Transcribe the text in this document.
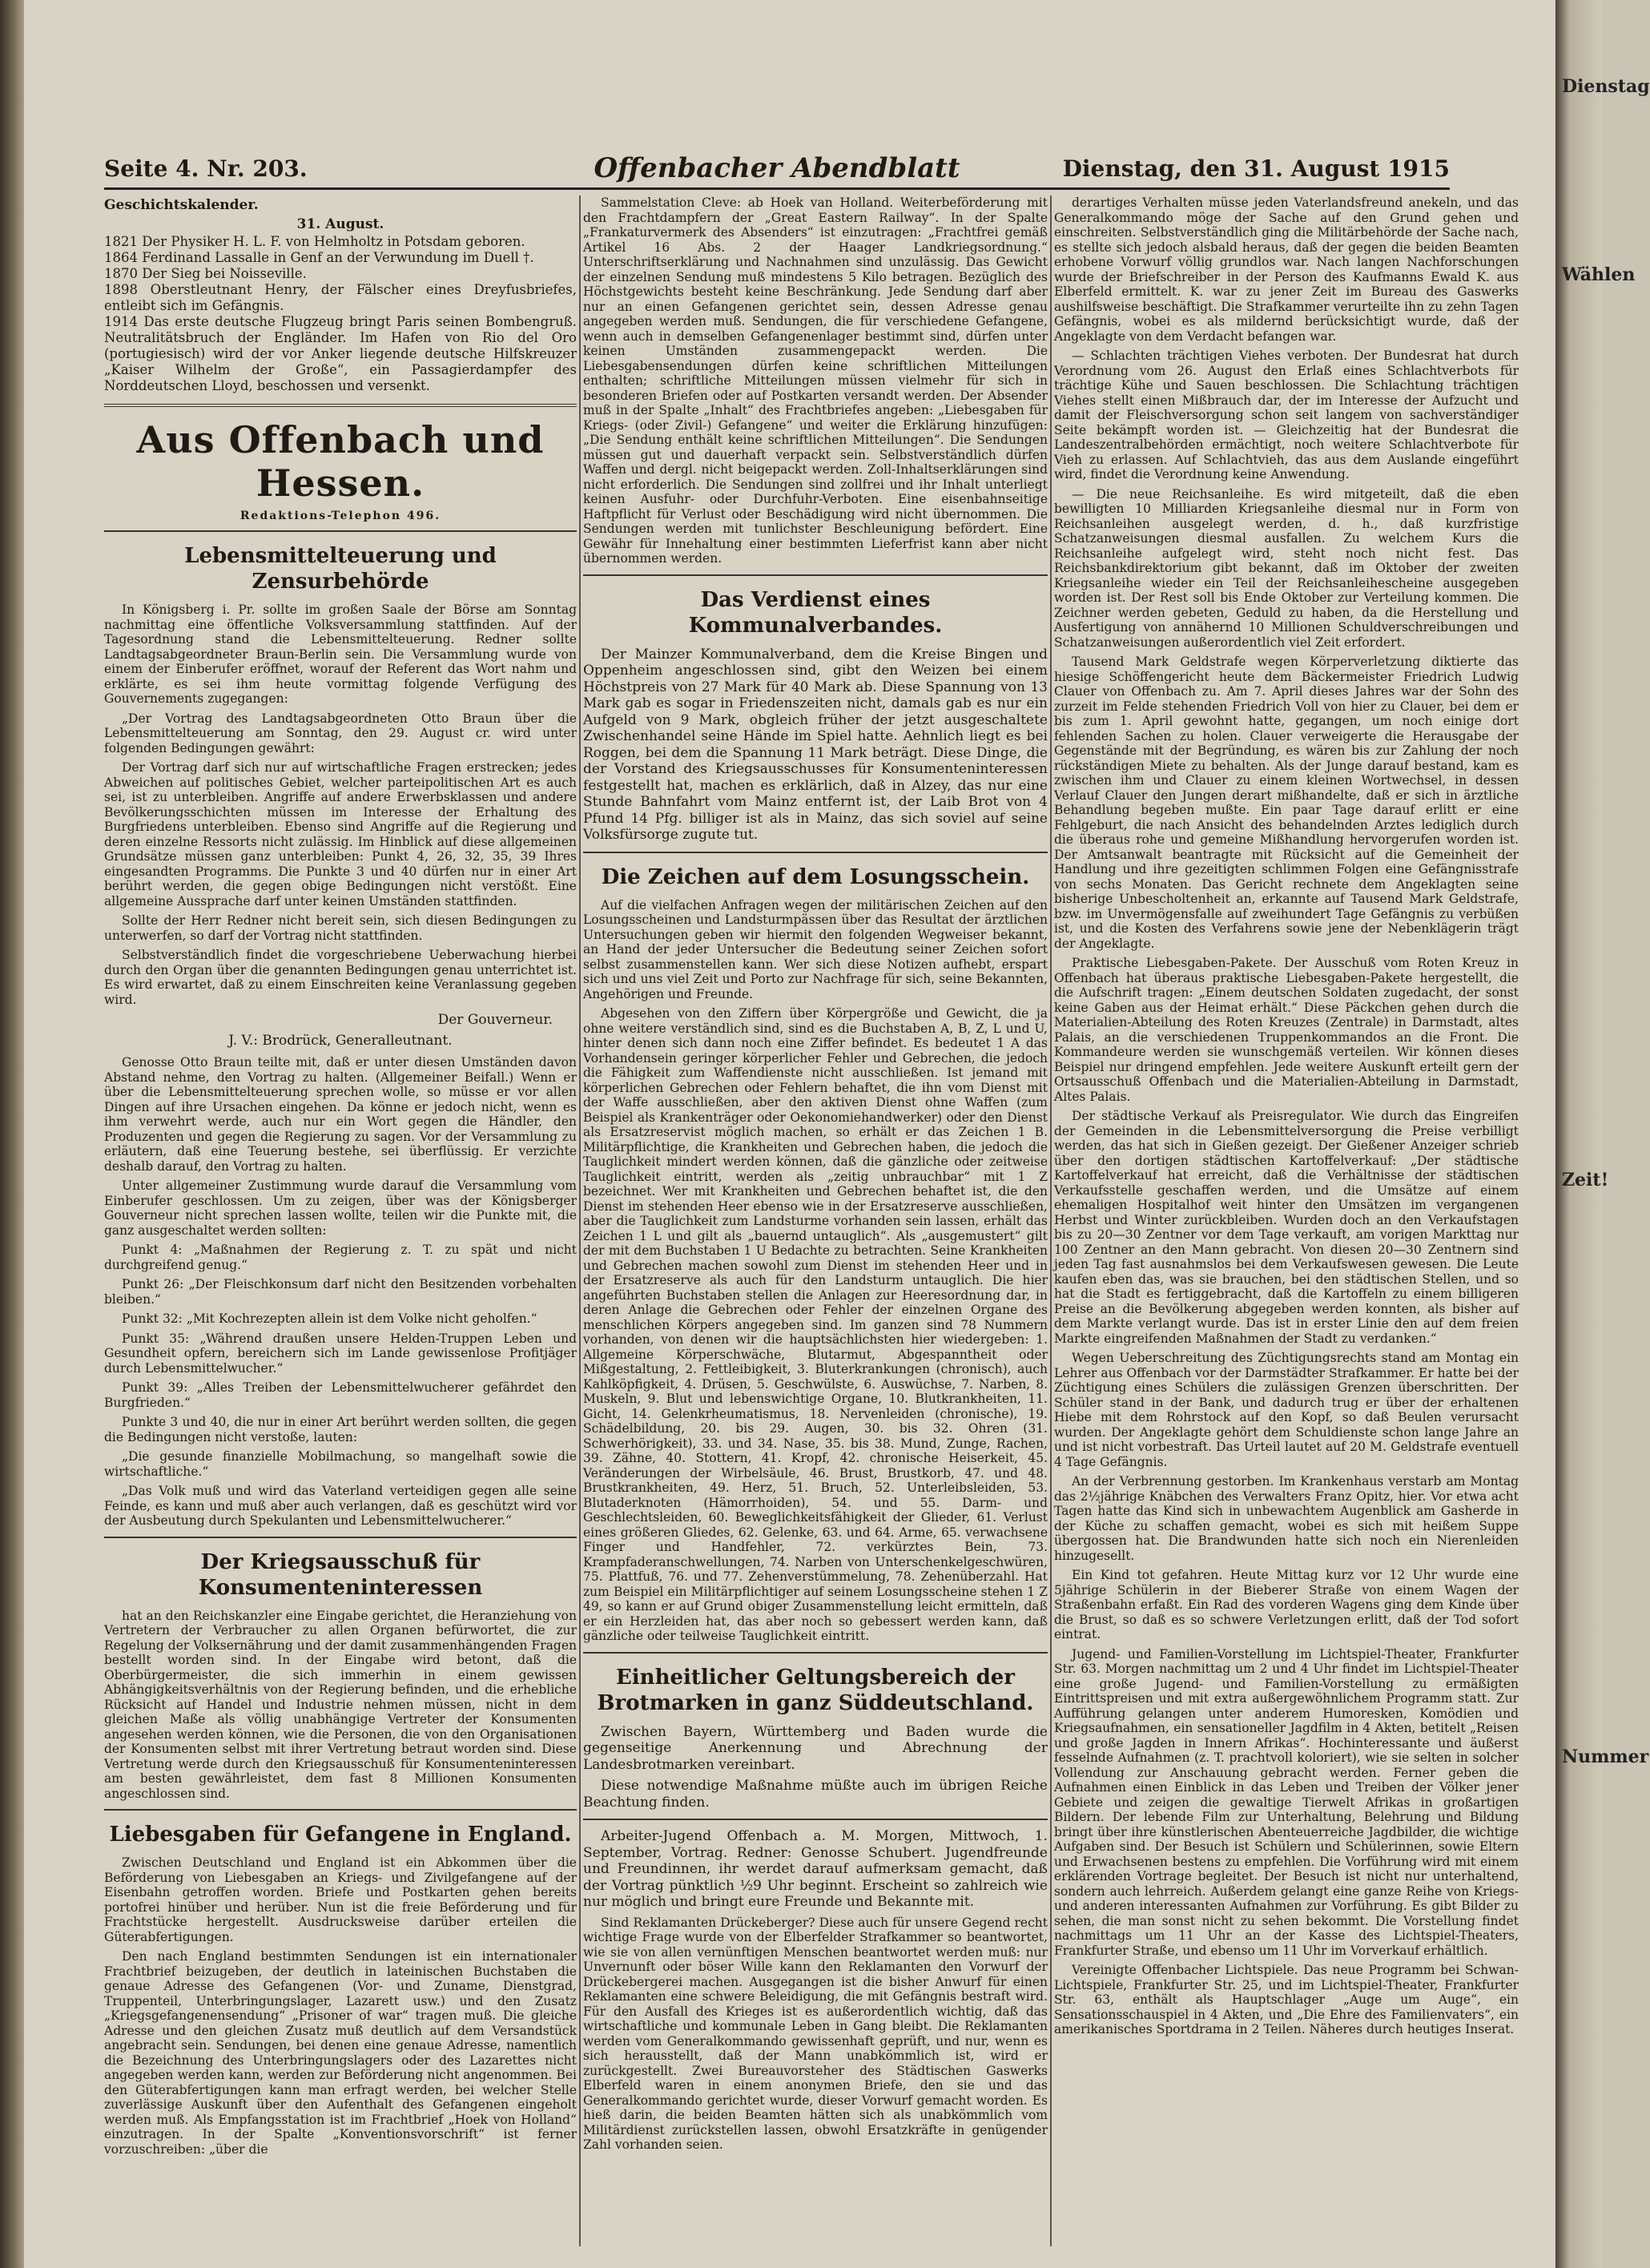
Dienstag
Wählen
Zeit!
Nummer
Seite 4. Nr. 203.	Offenbacher Abendblatt	Dienstag, den 31. August 1915
Geschichtskalender.
31. August.

1821 Der Physiker H. L. F. von Helmholtz in Potsdam geboren.

1864 Ferdinand Lassalle in Genf an der Verwundung im Duell †.

1870 Der Sieg bei Noisseville.

1898 Oberstleutnant Henry, der Fälscher eines Dreyfusbriefes, entleibt sich im Gefängnis.

1914 Das erste deutsche Flugzeug bringt Paris seinen Bombengruß. Neutralitätsbruch der Engländer. Im Hafen von Rio del Oro (portugiesisch) wird der vor Anker liegende deutsche Hilfskreuzer „Kaiser Wilhelm der Große“, ein Passagierdampfer des Norddeutschen Lloyd, beschossen und versenkt.

Aus Offenbach und Hessen.
Redaktions-Telephon 496.
Lebensmittelteuerung und Zensurbehörde

In Königsberg i. Pr. sollte im großen Saale der Börse am Sonntag nachmittag eine öffentliche Volksversammlung stattfinden. Auf der Tagesordnung stand die Lebensmittelteuerung. Redner sollte Landtagsabgeordneter Braun-Berlin sein. Die Versammlung wurde von einem der Einberufer eröffnet, worauf der Referent das Wort nahm und erklärte, es sei ihm heute vormittag folgende Verfügung des Gouvernements zugegangen:

„Der Vortrag des Landtagsabgeordneten Otto Braun über die Lebensmittelteuerung am Sonntag, den 29. August cr. wird unter folgenden Bedingungen gewährt:

Der Vortrag darf sich nur auf wirtschaftliche Fragen erstrecken; jedes Abweichen auf politisches Gebiet, welcher parteipolitischen Art es auch sei, ist zu unterbleiben. Angriffe auf andere Erwerbsklassen und andere Bevölkerungsschichten müssen im Interesse der Erhaltung des Burgfriedens unterbleiben. Ebenso sind Angriffe auf die Regierung und deren einzelne Ressorts nicht zulässig. Im Hinblick auf diese allgemeinen Grundsätze müssen ganz unterbleiben: Punkt 4, 26, 32, 35, 39 Ihres eingesandten Programms. Die Punkte 3 und 40 dürfen nur in einer Art berührt werden, die gegen obige Bedingungen nicht verstößt. Eine allgemeine Aussprache darf unter keinen Umständen stattfinden.

Sollte der Herr Redner nicht bereit sein, sich diesen Bedingungen zu unterwerfen, so darf der Vortrag nicht stattfinden.

Selbstverständlich findet die vorgeschriebene Ueberwachung hierbei durch den Organ über die genannten Bedingungen genau unterrichtet ist. Es wird erwartet, daß zu einem Einschreiten keine Veranlassung gegeben wird.

Der Gouverneur.
J. V.: Brodrück, Generalleutnant.

Genosse Otto Braun teilte mit, daß er unter diesen Umständen davon Abstand nehme, den Vortrag zu halten. (Allgemeiner Beifall.) Wenn er über die Lebensmittelteuerung sprechen wolle, so müsse er vor allen Dingen auf ihre Ursachen eingehen. Da könne er jedoch nicht, wenn es ihm verwehrt werde, auch nur ein Wort gegen die Händler, den Produzenten und gegen die Regierung zu sagen. Vor der Versammlung zu erläutern, daß eine Teuerung bestehe, sei überflüssig. Er verzichte deshalb darauf, den Vortrag zu halten.

Unter allgemeiner Zustimmung wurde darauf die Versammlung vom Einberufer geschlossen. Um zu zeigen, über was der Königsberger Gouverneur nicht sprechen lassen wollte, teilen wir die Punkte mit, die ganz ausgeschaltet werden sollten:

Punkt 4: „Maßnahmen der Regierung z. T. zu spät und nicht durchgreifend genug.“

Punkt 26: „Der Fleischkonsum darf nicht den Besitzenden vorbehalten bleiben.“

Punkt 32: „Mit Kochrezepten allein ist dem Volke nicht geholfen.“

Punkt 35: „Während draußen unsere Helden-Truppen Leben und Gesundheit opfern, bereichern sich im Lande gewissenlose Profitjäger durch Lebensmittelwucher.“

Punkt 39: „Alles Treiben der Lebensmittelwucherer gefährdet den Burgfrieden.“

Punkte 3 und 40, die nur in einer Art berührt werden sollten, die gegen die Bedingungen nicht verstoße, lauten:

„Die gesunde finanzielle Mobilmachung, so mangelhaft sowie die wirtschaftliche.“

„Das Volk muß und wird das Vaterland verteidigen gegen alle seine Feinde, es kann und muß aber auch verlangen, daß es geschützt wird vor der Ausbeutung durch Spekulanten und Lebensmittelwucherer.“

Der Kriegsausschuß für Konsumenteninteressen

hat an den Reichskanzler eine Eingabe gerichtet, die Heranziehung von Vertretern der Verbraucher zu allen Organen befürwortet, die zur Regelung der Volksernährung und der damit zusammenhängenden Fragen bestellt worden sind. In der Eingabe wird betont, daß die Oberbürgermeister, die sich immerhin in einem gewissen Abhängigkeitsverhältnis von der Regierung befinden, und die erhebliche Rücksicht auf Handel und Industrie nehmen müssen, nicht in dem gleichen Maße als völlig unabhängige Vertreter der Konsumenten angesehen werden können, wie die Personen, die von den Organisationen der Konsumenten selbst mit ihrer Vertretung betraut worden sind. Diese Vertretung werde durch den Kriegsausschuß für Konsumenteninteressen am besten gewährleistet, dem fast 8 Millionen Konsumenten angeschlossen sind.

Liebesgaben für Gefangene in England.

Zwischen Deutschland und England ist ein Abkommen über die Beförderung von Liebesgaben an Kriegs- und Zivilgefangene auf der Eisenbahn getroffen worden. Briefe und Postkarten gehen bereits portofrei hinüber und herüber. Nun ist die freie Beförderung und für Frachtstücke hergestellt. Ausdrucksweise darüber erteilen die Güterabfertigungen.

Den nach England bestimmten Sendungen ist ein internationaler Frachtbrief beizugeben, der deutlich in lateinischen Buchstaben die genaue Adresse des Gefangenen (Vor- und Zuname, Dienstgrad, Truppenteil, Unterbringungslager, Lazarett usw.) und den Zusatz „Kriegsgefangenensendung“ „Prisoner of war“ tragen muß. Die gleiche Adresse und den gleichen Zusatz muß deutlich auf dem Versandstück angebracht sein. Sendungen, bei denen eine genaue Adresse, namentlich die Bezeichnung des Unterbringungslagers oder des Lazarettes nicht angegeben werden kann, werden zur Beförderung nicht angenommen. Bei den Güterabfertigungen kann man erfragt werden, bei welcher Stelle zuverlässige Auskunft über den Aufenthalt des Gefangenen eingeholt werden muß. Als Empfangsstation ist im Frachtbrief „Hoek von Holland“ einzutragen. In der Spalte „Konventionsvorschrift“ ist ferner vorzuschreiben: „über die

Sammelstation Cleve: ab Hoek van Holland. Weiterbeförderung mit den Frachtdampfern der „Great Eastern Railway“. In der Spalte „Frankaturvermerk des Absenders“ ist einzutragen: „Frachtfrei gemäß Artikel 16 Abs. 2 der Haager Landkriegsordnung.“ Unterschriftserklärung und Nachnahmen sind unzulässig. Das Gewicht der einzelnen Sendung muß mindestens 5 Kilo betragen. Bezüglich des Höchstgewichts besteht keine Beschränkung. Jede Sendung darf aber nur an einen Gefangenen gerichtet sein, dessen Adresse genau angegeben werden muß. Sendungen, die für verschiedene Gefangene, wenn auch in demselben Gefangenenlager bestimmt sind, dürfen unter keinen Umständen zusammengepackt werden. Die Liebesgabensendungen dürfen keine schriftlichen Mitteilungen enthalten; schriftliche Mitteilungen müssen vielmehr für sich in besonderen Briefen oder auf Postkarten versandt werden. Der Absender muß in der Spalte „Inhalt“ des Frachtbriefes angeben: „Liebesgaben für Kriegs- (oder Zivil-) Gefangene“ und weiter die Erklärung hinzufügen: „Die Sendung enthält keine schriftlichen Mitteilungen“. Die Sendungen müssen gut und dauerhaft verpackt sein. Selbstverständlich dürfen Waffen und dergl. nicht beigepackt werden. Zoll-Inhaltserklärungen sind nicht erforderlich. Die Sendungen sind zollfrei und ihr Inhalt unterliegt keinen Ausfuhr- oder Durchfuhr-Verboten. Eine eisenbahnseitige Haftpflicht für Verlust oder Beschädigung wird nicht übernommen. Die Sendungen werden mit tunlichster Beschleunigung befördert. Eine Gewähr für Innehaltung einer bestimmten Lieferfrist kann aber nicht übernommen werden.

Das Verdienst eines Kommunalverbandes.

Der Mainzer Kommunalverband, dem die Kreise Bingen und Oppenheim angeschlossen sind, gibt den Weizen bei einem Höchstpreis von 27 Mark für 40 Mark ab. Diese Spannung von 13 Mark gab es sogar in Friedenszeiten nicht, damals gab es nur ein Aufgeld von 9 Mark, obgleich früher der jetzt ausgeschaltete Zwischenhandel seine Hände im Spiel hatte. Aehnlich liegt es bei Roggen, bei dem die Spannung 11 Mark beträgt. Diese Dinge, die der Vorstand des Kriegsausschusses für Konsumenteninteressen festgestellt hat, machen es erklärlich, daß in Alzey, das nur eine Stunde Bahnfahrt vom Mainz entfernt ist, der Laib Brot von 4 Pfund 14 Pfg. billiger ist als in Mainz, das sich soviel auf seine Volksfürsorge zugute tut.

Die Zeichen auf dem Losungsschein.

Auf die vielfachen Anfragen wegen der militärischen Zeichen auf den Losungsscheinen und Landsturmpässen über das Resultat der ärztlichen Untersuchungen geben wir hiermit den folgenden Wegweiser bekannt, an Hand der jeder Untersucher die Bedeutung seiner Zeichen sofort selbst zusammenstellen kann. Wer sich diese Notizen aufhebt, erspart sich und uns viel Zeit und Porto zur Nachfrage für sich, seine Bekannten, Angehörigen und Freunde.

Abgesehen von den Ziffern über Körpergröße und Gewicht, die ja ohne weitere verständlich sind, sind es die Buchstaben A, B, Z, L und U, hinter denen sich dann noch eine Ziffer befindet. Es bedeutet 1 A das Vorhandensein geringer körperlicher Fehler und Gebrechen, die jedoch die Fähigkeit zum Waffendienste nicht ausschließen. Ist jemand mit körperlichen Gebrechen oder Fehlern behaftet, die ihn vom Dienst mit der Waffe ausschließen, aber den aktiven Dienst ohne Waffen (zum Beispiel als Krankenträger oder Oekonomiehandwerker) oder den Dienst als Ersatzreservist möglich machen, so erhält er das Zeichen 1 B. Militärpflichtige, die Krankheiten und Gebrechen haben, die jedoch die Tauglichkeit mindert werden können, daß die gänzliche oder zeitweise Tauglichkeit eintritt, werden als „zeitig unbrauchbar“ mit 1 Z bezeichnet. Wer mit Krankheiten und Gebrechen behaftet ist, die den Dienst im stehenden Heer ebenso wie in der Ersatzreserve ausschließen, aber die Tauglichkeit zum Landsturme vorhanden sein lassen, erhält das Zeichen 1 L und gilt als „bauernd untauglich“. Als „ausgemustert“ gilt der mit dem Buchstaben 1 U Bedachte zu betrachten. Seine Krankheiten und Gebrechen machen sowohl zum Dienst im stehenden Heer und in der Ersatzreserve als auch für den Landsturm untauglich. Die hier angeführten Buchstaben stellen die Anlagen zur Heeresordnung dar, in deren Anlage die Gebrechen oder Fehler der einzelnen Organe des menschlichen Körpers angegeben sind. Im ganzen sind 78 Nummern vorhanden, von denen wir die hauptsächlichsten hier wiedergeben: 1. Allgemeine Körperschwäche, Blutarmut, Abgespanntheit oder Mißgestaltung, 2. Fettleibigkeit, 3. Bluterkrankungen (chronisch), auch Kahlköpfigkeit, 4. Drüsen, 5. Geschwülste, 6. Auswüchse, 7. Narben, 8. Muskeln, 9. Blut und lebenswichtige Organe, 10. Blutkrankheiten, 11. Gicht, 14. Gelenkrheumatismus, 18. Nervenleiden (chronische), 19. Schädelbildung, 20. bis 29. Augen, 30. bis 32. Ohren (31. Schwerhörigkeit), 33. und 34. Nase, 35. bis 38. Mund, Zunge, Rachen, 39. Zähne, 40. Stottern, 41. Kropf, 42. chronische Heiserkeit, 45. Veränderungen der Wirbelsäule, 46. Brust, Brustkorb, 47. und 48. Brustkrankheiten, 49. Herz, 51. Bruch, 52. Unterleibsleiden, 53. Blutaderknoten (Hämorrhoiden), 54. und 55. Darm- und Geschlechtsleiden, 60. Beweglichkeitsfähigkeit der Glieder, 61. Verlust eines größeren Gliedes, 62. Gelenke, 63. und 64. Arme, 65. verwachsene Finger und Handfehler, 72. verkürztes Bein, 73. Krampfaderanschwellungen, 74. Narben von Unterschenkelgeschwüren, 75. Plattfuß, 76. und 77. Zehenverstümmelung, 78. Zehenüberzahl. Hat zum Beispiel ein Militärpflichtiger auf seinem Losungsscheine stehen 1 Z 49, so kann er auf Grund obiger Zusammenstellung leicht ermitteln, daß er ein Herzleiden hat, das aber noch so gebessert werden kann, daß gänzliche oder teilweise Tauglichkeit eintritt.

Einheitlicher Geltungsbereich der Brotmarken in ganz Süddeutschland.

Zwischen Bayern, Württemberg und Baden wurde die gegenseitige Anerkennung und Abrechnung der Landesbrotmarken vereinbart.

Diese notwendige Maßnahme müßte auch im übrigen Reiche Beachtung finden.

Arbeiter-Jugend Offenbach a. M. Morgen, Mittwoch, 1. September, Vortrag. Redner: Genosse Schubert. Jugendfreunde und Freundinnen, ihr werdet darauf aufmerksam gemacht, daß der Vortrag pünktlich ½9 Uhr beginnt. Erscheint so zahlreich wie nur möglich und bringt eure Freunde und Bekannte mit.

Sind Reklamanten Drückeberger? Diese auch für unsere Gegend recht wichtige Frage wurde von der Elberfelder Strafkammer so beantwortet, wie sie von allen vernünftigen Menschen beantwortet werden muß: nur Unvernunft oder böser Wille kann den Reklamanten den Vorwurf der Drückebergerei machen. Ausgegangen ist die bisher Anwurf für einen Reklamanten eine schwere Beleidigung, die mit Gefängnis bestraft wird. Für den Ausfall des Krieges ist es außerordentlich wichtig, daß das wirtschaftliche und kommunale Leben in Gang bleibt. Die Reklamanten werden vom Generalkommando gewissenhaft geprüft, und nur, wenn es sich herausstellt, daß der Mann unabkömmlich ist, wird er zurückgestellt. Zwei Bureauvorsteher des Städtischen Gaswerks Elberfeld waren in einem anonymen Briefe, den sie und das Generalkommando gerichtet wurde, dieser Vorwurf gemacht worden. Es hieß darin, die beiden Beamten hätten sich als unabkömmlich vom Militärdienst zurückstellen lassen, obwohl Ersatzkräfte in genügender Zahl vorhanden seien.

derartiges Verhalten müsse jeden Vaterlandsfreund anekeln, und das Generalkommando möge der Sache auf den Grund gehen und einschreiten. Selbstverständlich ging die Militärbehörde der Sache nach, es stellte sich jedoch alsbald heraus, daß der gegen die beiden Beamten erhobene Vorwurf völlig grundlos war. Nach langen Nachforschungen wurde der Briefschreiber in der Person des Kaufmanns Ewald K. aus Elberfeld ermittelt. K. war zu jener Zeit im Bureau des Gaswerks aushilfsweise beschäftigt. Die Strafkammer verurteilte ihn zu zehn Tagen Gefängnis, wobei es als mildernd berücksichtigt wurde, daß der Angeklagte von dem Verdacht befangen war.

— Schlachten trächtigen Viehes verboten. Der Bundesrat hat durch Verordnung vom 26. August den Erlaß eines Schlachtverbots für trächtige Kühe und Sauen beschlossen. Die Schlachtung trächtigen Viehes stellt einen Mißbrauch dar, der im Interesse der Aufzucht und damit der Fleischversorgung schon seit langem von sachverständiger Seite bekämpft worden ist. — Gleichzeitig hat der Bundesrat die Landeszentralbehörden ermächtigt, noch weitere Schlachtverbote für Vieh zu erlassen. Auf Schlachtvieh, das aus dem Auslande eingeführt wird, findet die Verordnung keine Anwendung.

— Die neue Reichsanleihe. Es wird mitgeteilt, daß die eben bewilligten 10 Milliarden Kriegsanleihe diesmal nur in Form von Reichsanleihen ausgelegt werden, d. h., daß kurzfristige Schatzanweisungen diesmal ausfallen. Zu welchem Kurs die Reichsanleihe aufgelegt wird, steht noch nicht fest. Das Reichsbankdirektorium gibt bekannt, daß im Oktober der zweiten Kriegsanleihe wieder ein Teil der Reichsanleihescheine ausgegeben worden ist. Der Rest soll bis Ende Oktober zur Verteilung kommen. Die Zeichner werden gebeten, Geduld zu haben, da die Herstellung und Ausfertigung von annähernd 10 Millionen Schuldverschreibungen und Schatzanweisungen außerordentlich viel Zeit erfordert.

Tausend Mark Geldstrafe wegen Körperverletzung diktierte das hiesige Schöffengericht heute dem Bäckermeister Friedrich Ludwig Clauer von Offenbach zu. Am 7. April dieses Jahres war der Sohn des zurzeit im Felde stehenden Friedrich Voll von hier zu Clauer, bei dem er bis zum 1. April gewohnt hatte, gegangen, um noch einige dort fehlenden Sachen zu holen. Clauer verweigerte die Herausgabe der Gegenstände mit der Begründung, es wären bis zur Zahlung der noch rückständigen Miete zu behalten. Als der Junge darauf bestand, kam es zwischen ihm und Clauer zu einem kleinen Wortwechsel, in dessen Verlauf Clauer den Jungen derart mißhandelte, daß er sich in ärztliche Behandlung begeben mußte. Ein paar Tage darauf erlitt er eine Fehlgeburt, die nach Ansicht des behandelnden Arztes lediglich durch die überaus rohe und gemeine Mißhandlung hervorgerufen worden ist. Der Amtsanwalt beantragte mit Rücksicht auf die Gemeinheit der Handlung und ihre gezeitigten schlimmen Folgen eine Gefängnisstrafe von sechs Monaten. Das Gericht rechnete dem Angeklagten seine bisherige Unbescholtenheit an, erkannte auf Tausend Mark Geldstrafe, bzw. im Unvermögensfalle auf zweihundert Tage Gefängnis zu verbüßen ist, und die Kosten des Verfahrens sowie jene der Nebenklägerin trägt der Angeklagte.

Praktische Liebesgaben-Pakete. Der Ausschuß vom Roten Kreuz in Offenbach hat überaus praktische Liebesgaben-Pakete hergestellt, die die Aufschrift tragen: „Einem deutschen Soldaten zugedacht, der sonst keine Gaben aus der Heimat erhält.“ Diese Päckchen gehen durch die Materialien-Abteilung des Roten Kreuzes (Zentrale) in Darmstadt, altes Palais, an die verschiedenen Truppenkommandos an die Front. Die Kommandeure werden sie wunschgemäß verteilen. Wir können dieses Beispiel nur dringend empfehlen. Jede weitere Auskunft erteilt gern der Ortsausschuß Offenbach und die Materialien-Abteilung in Darmstadt, Altes Palais.

Der städtische Verkauf als Preisregulator. Wie durch das Eingreifen der Gemeinden in die Lebensmittelversorgung die Preise verbilligt werden, das hat sich in Gießen gezeigt. Der Gießener Anzeiger schrieb über den dortigen städtischen Kartoffelverkauf: „Der städtische Kartoffelverkauf hat erreicht, daß die Verhältnisse der städtischen Verkaufsstelle geschaffen werden, und die Umsätze auf einem ehemaligen Hospitalhof weit hinter den Umsätzen im vergangenen Herbst und Winter zurückbleiben. Wurden doch an den Verkaufstagen bis zu 20—30 Zentner vor dem Tage verkauft, am vorigen Markttag nur 100 Zentner an den Mann gebracht. Von diesen 20—30 Zentnern sind jeden Tag fast ausnahmslos bei dem Verkaufswesen gewesen. Die Leute kaufen eben das, was sie brauchen, bei den städtischen Stellen, und so hat die Stadt es fertiggebracht, daß die Kartoffeln zu einem billigeren Preise an die Bevölkerung abgegeben werden konnten, als bisher auf dem Markte verlangt wurde. Das ist in erster Linie den auf dem freien Markte eingreifenden Maßnahmen der Stadt zu verdanken.“

Wegen Ueberschreitung des Züchtigungsrechts stand am Montag ein Lehrer aus Offenbach vor der Darmstädter Strafkammer. Er hatte bei der Züchtigung eines Schülers die zulässigen Grenzen überschritten. Der Schüler stand in der Bank, und dadurch trug er über der erhaltenen Hiebe mit dem Rohrstock auf den Kopf, so daß Beulen verursacht wurden. Der Angeklagte gehört dem Schuldienste schon lange Jahre an und ist nicht vorbestraft. Das Urteil lautet auf 20 M. Geldstrafe eventuell 4 Tage Gefängnis.

An der Verbrennung gestorben. Im Krankenhaus verstarb am Montag das 2½jährige Knäbchen des Verwalters Franz Opitz, hier. Vor etwa acht Tagen hatte das Kind sich in unbewachtem Augenblick am Gasherde in der Küche zu schaffen gemacht, wobei es sich mit heißem Suppe übergossen hat. Die Brandwunden hatte sich noch ein Nierenleiden hinzugesellt.

Ein Kind tot gefahren. Heute Mittag kurz vor 12 Uhr wurde eine 5jährige Schülerin in der Bieberer Straße von einem Wagen der Straßenbahn erfaßt. Ein Rad des vorderen Wagens ging dem Kinde über die Brust, so daß es so schwere Verletzungen erlitt, daß der Tod sofort eintrat.

Jugend- und Familien-Vorstellung im Lichtspiel-Theater, Frankfurter Str. 63. Morgen nachmittag um 2 und 4 Uhr findet im Lichtspiel-Theater eine große Jugend- und Familien-Vorstellung zu ermäßigten Eintrittspreisen und mit extra außergewöhnlichem Programm statt. Zur Aufführung gelangen unter anderem Humoresken, Komödien und Kriegsaufnahmen, ein sensationeller Jagdfilm in 4 Akten, betitelt „Reisen und große Jagden in Innern Afrikas“. Hochinteressante und äußerst fesselnde Aufnahmen (z. T. prachtvoll koloriert), wie sie selten in solcher Vollendung zur Anschauung gebracht werden. Ferner geben die Aufnahmen einen Einblick in das Leben und Treiben der Völker jener Gebiete und zeigen die gewaltige Tierwelt Afrikas in großartigen Bildern. Der lebende Film zur Unterhaltung, Belehrung und Bildung bringt über ihre künstlerischen Abenteuerreiche Jagdbilder, die wichtige Aufgaben sind. Der Besuch ist Schülern und Schülerinnen, sowie Eltern und Erwachsenen bestens zu empfehlen. Die Vorführung wird mit einem erklärenden Vortrage begleitet. Der Besuch ist nicht nur unterhaltend, sondern auch lehrreich. Außerdem gelangt eine ganze Reihe von Kriegs- und anderen interessanten Aufnahmen zur Vorführung. Es gibt Bilder zu sehen, die man sonst nicht zu sehen bekommt. Die Vorstellung findet nachmittags um 11 Uhr an der Kasse des Lichtspiel-Theaters, Frankfurter Straße, und ebenso um 11 Uhr im Vorverkauf erhältlich.

Vereinigte Offenbacher Lichtspiele. Das neue Programm bei Schwan-Lichtspiele, Frankfurter Str. 25, und im Lichtspiel-Theater, Frankfurter Str. 63, enthält als Hauptschlager „Auge um Auge“, ein Sensationsschauspiel in 4 Akten, und „Die Ehre des Familienvaters“, ein amerikanisches Sportdrama in 2 Teilen. Näheres durch heutiges Inserat.
